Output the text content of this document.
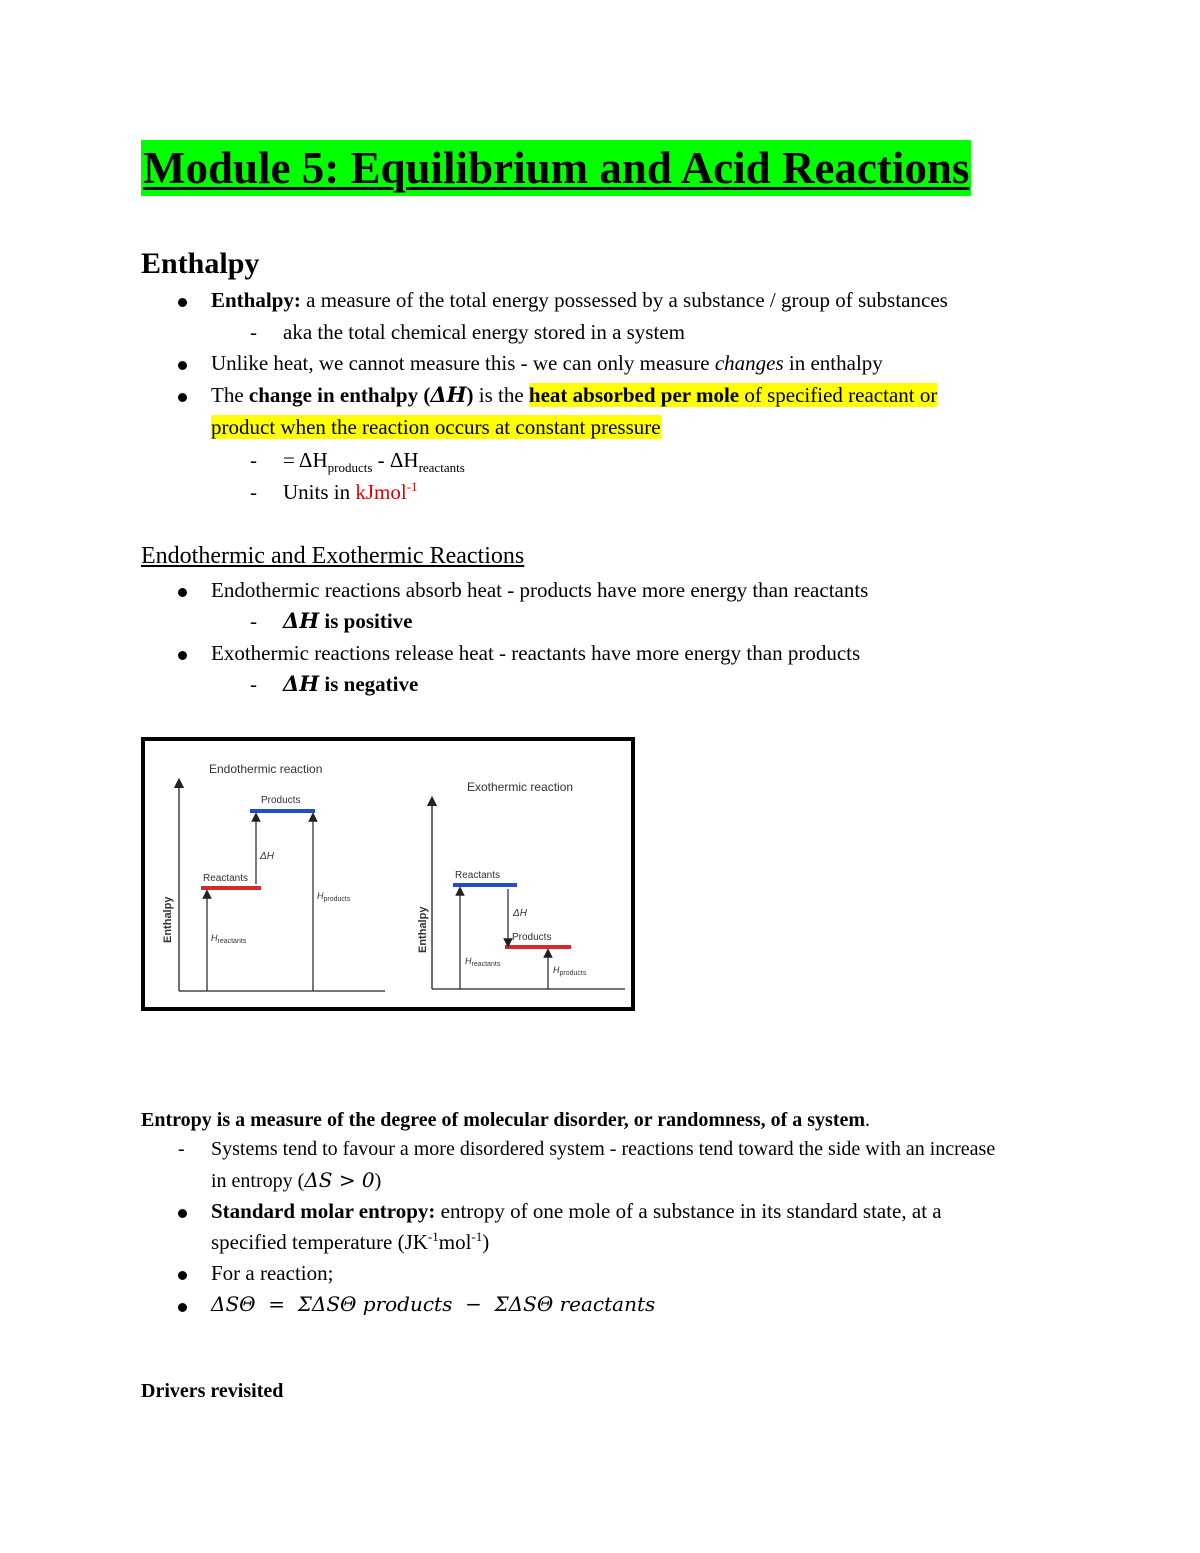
Module 5: Equilibrium and Acid Reactions
Enthalpy
Enthalpy: a measure of the total energy possessed by a substance / group of substances
- aka the total chemical energy stored in a system
Unlike heat, we cannot measure this - we can only measure changes in enthalpy
The change in enthalpy (ΔH) is the heat absorbed per mole of specified reactant or
product when the reaction occurs at constant pressure
- = $\Delta H_{products} - \Delta H_{reactants}$
- Units in kJmol$^{-1}$
Endothermic and Exothermic Reactions
Endothermic reactions absorb heat - products have more energy than reactants
- ΔH is positive
Exothermic reactions release heat - reactants have more energy than products
- ΔH is negative
Endothermic reaction
Enthalpy
Reactants
Products
ΔH
$H_{reactants}$
$H_{products}$
Exothermic reaction
Enthalpy
Reactants
Products
ΔH
$H_{reactants}$
$H_{products}$
Entropy is a measure of the degree of molecular disorder, or randomness, of a system.
- Systems tend to favour a more disordered system - reactions tend toward the side with an increase
in entropy (ΔS > 0)
Standard molar entropy: entropy of one mole of a substance in its standard state, at a
specified temperature $(JK^{-1}mol^{-1})$
For a reaction;
ΔSΘ  =  ΣΔSΘ products  −  ΣΔSΘ reactants
Drivers revisited
